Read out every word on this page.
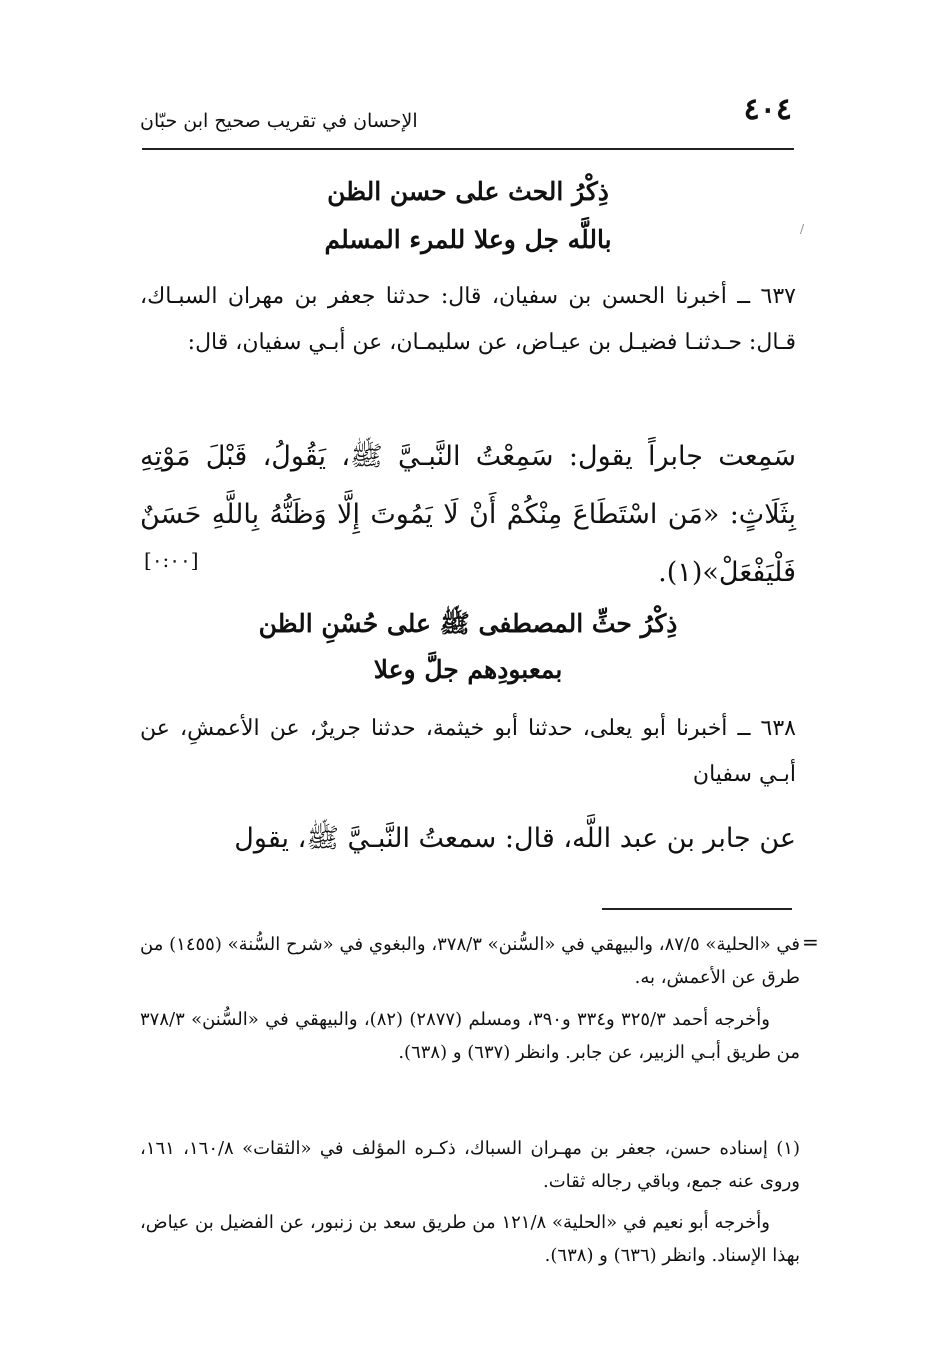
٤٠٤
الإحسان في تقريب صحيح ابن حبّان
/
ذِكْرُ الحث على حسن الظن
باللَّه جل وعلا للمرء المسلم
٦٣٧ ــ أخبرنا الحسن بن سفيان، قال: حدثنا جعفر بن مهران السبـاك، قـال: حـدثنـا فضيـل بن عيـاض، عن سليمـان، عن أبـي سفيان، قال:
سَمِعت جابراً يقول: سَمِعْتُ النَّبـيَّ ﷺ، يَقُولُ، قَبْلَ مَوْتِهِ بِثَلَاثٍ: «مَن اسْتَطَاعَ مِنْكُمْ أَنْ لَا يَمُوتَ إِلَّا وَظَنُّهُ بِاللَّهِ حَسَنٌ فَلْيَفْعَلْ»(١).
[٠:٠٠]
ذِكْرُ حثِّ المصطفى ﷺ على حُسْنِ الظن
بمعبودِهم جلَّ وعلا
٦٣٨ ــ أخبرنا أبو يعلى، حدثنا أبو خيثمة، حدثنا جريرٌ، عن الأعمشِ، عن أبـي سفيان
عن جابر بن عبد اللَّه، قال: سمعتُ النَّبـيَّ ﷺ، يقول
=
في «الحلية» ٨٧/٥، والبيهقي في «السُّنن» ٣٧٨/٣، والبغوي في «شرح السُّنة» (١٤٥٥) من طرق عن الأعمش، به.
وأخرجه أحمد ٣٢٥/٣ و٣٣٤ و٣٩٠، ومسلم (٢٨٧٧) (٨٢)، والبيهقي في «السُّنن» ٣٧٨/٣ من طريق أبـي الزبير، عن جابر. وانظر (٦٣٧) و (٦٣٨).
(١) إسناده حسن، جعفر بن مهـران السباك، ذكـره المؤلف في «الثقات» ١٦٠/٨، ١٦١، وروى عنه جمع، وباقي رجاله ثقات.
وأخرجه أبو نعيم في «الحلية» ١٢١/٨ من طريق سعد بن زنبور، عن الفضيل بن عياض، بهذا الإسناد. وانظر (٦٣٦) و (٦٣٨).
